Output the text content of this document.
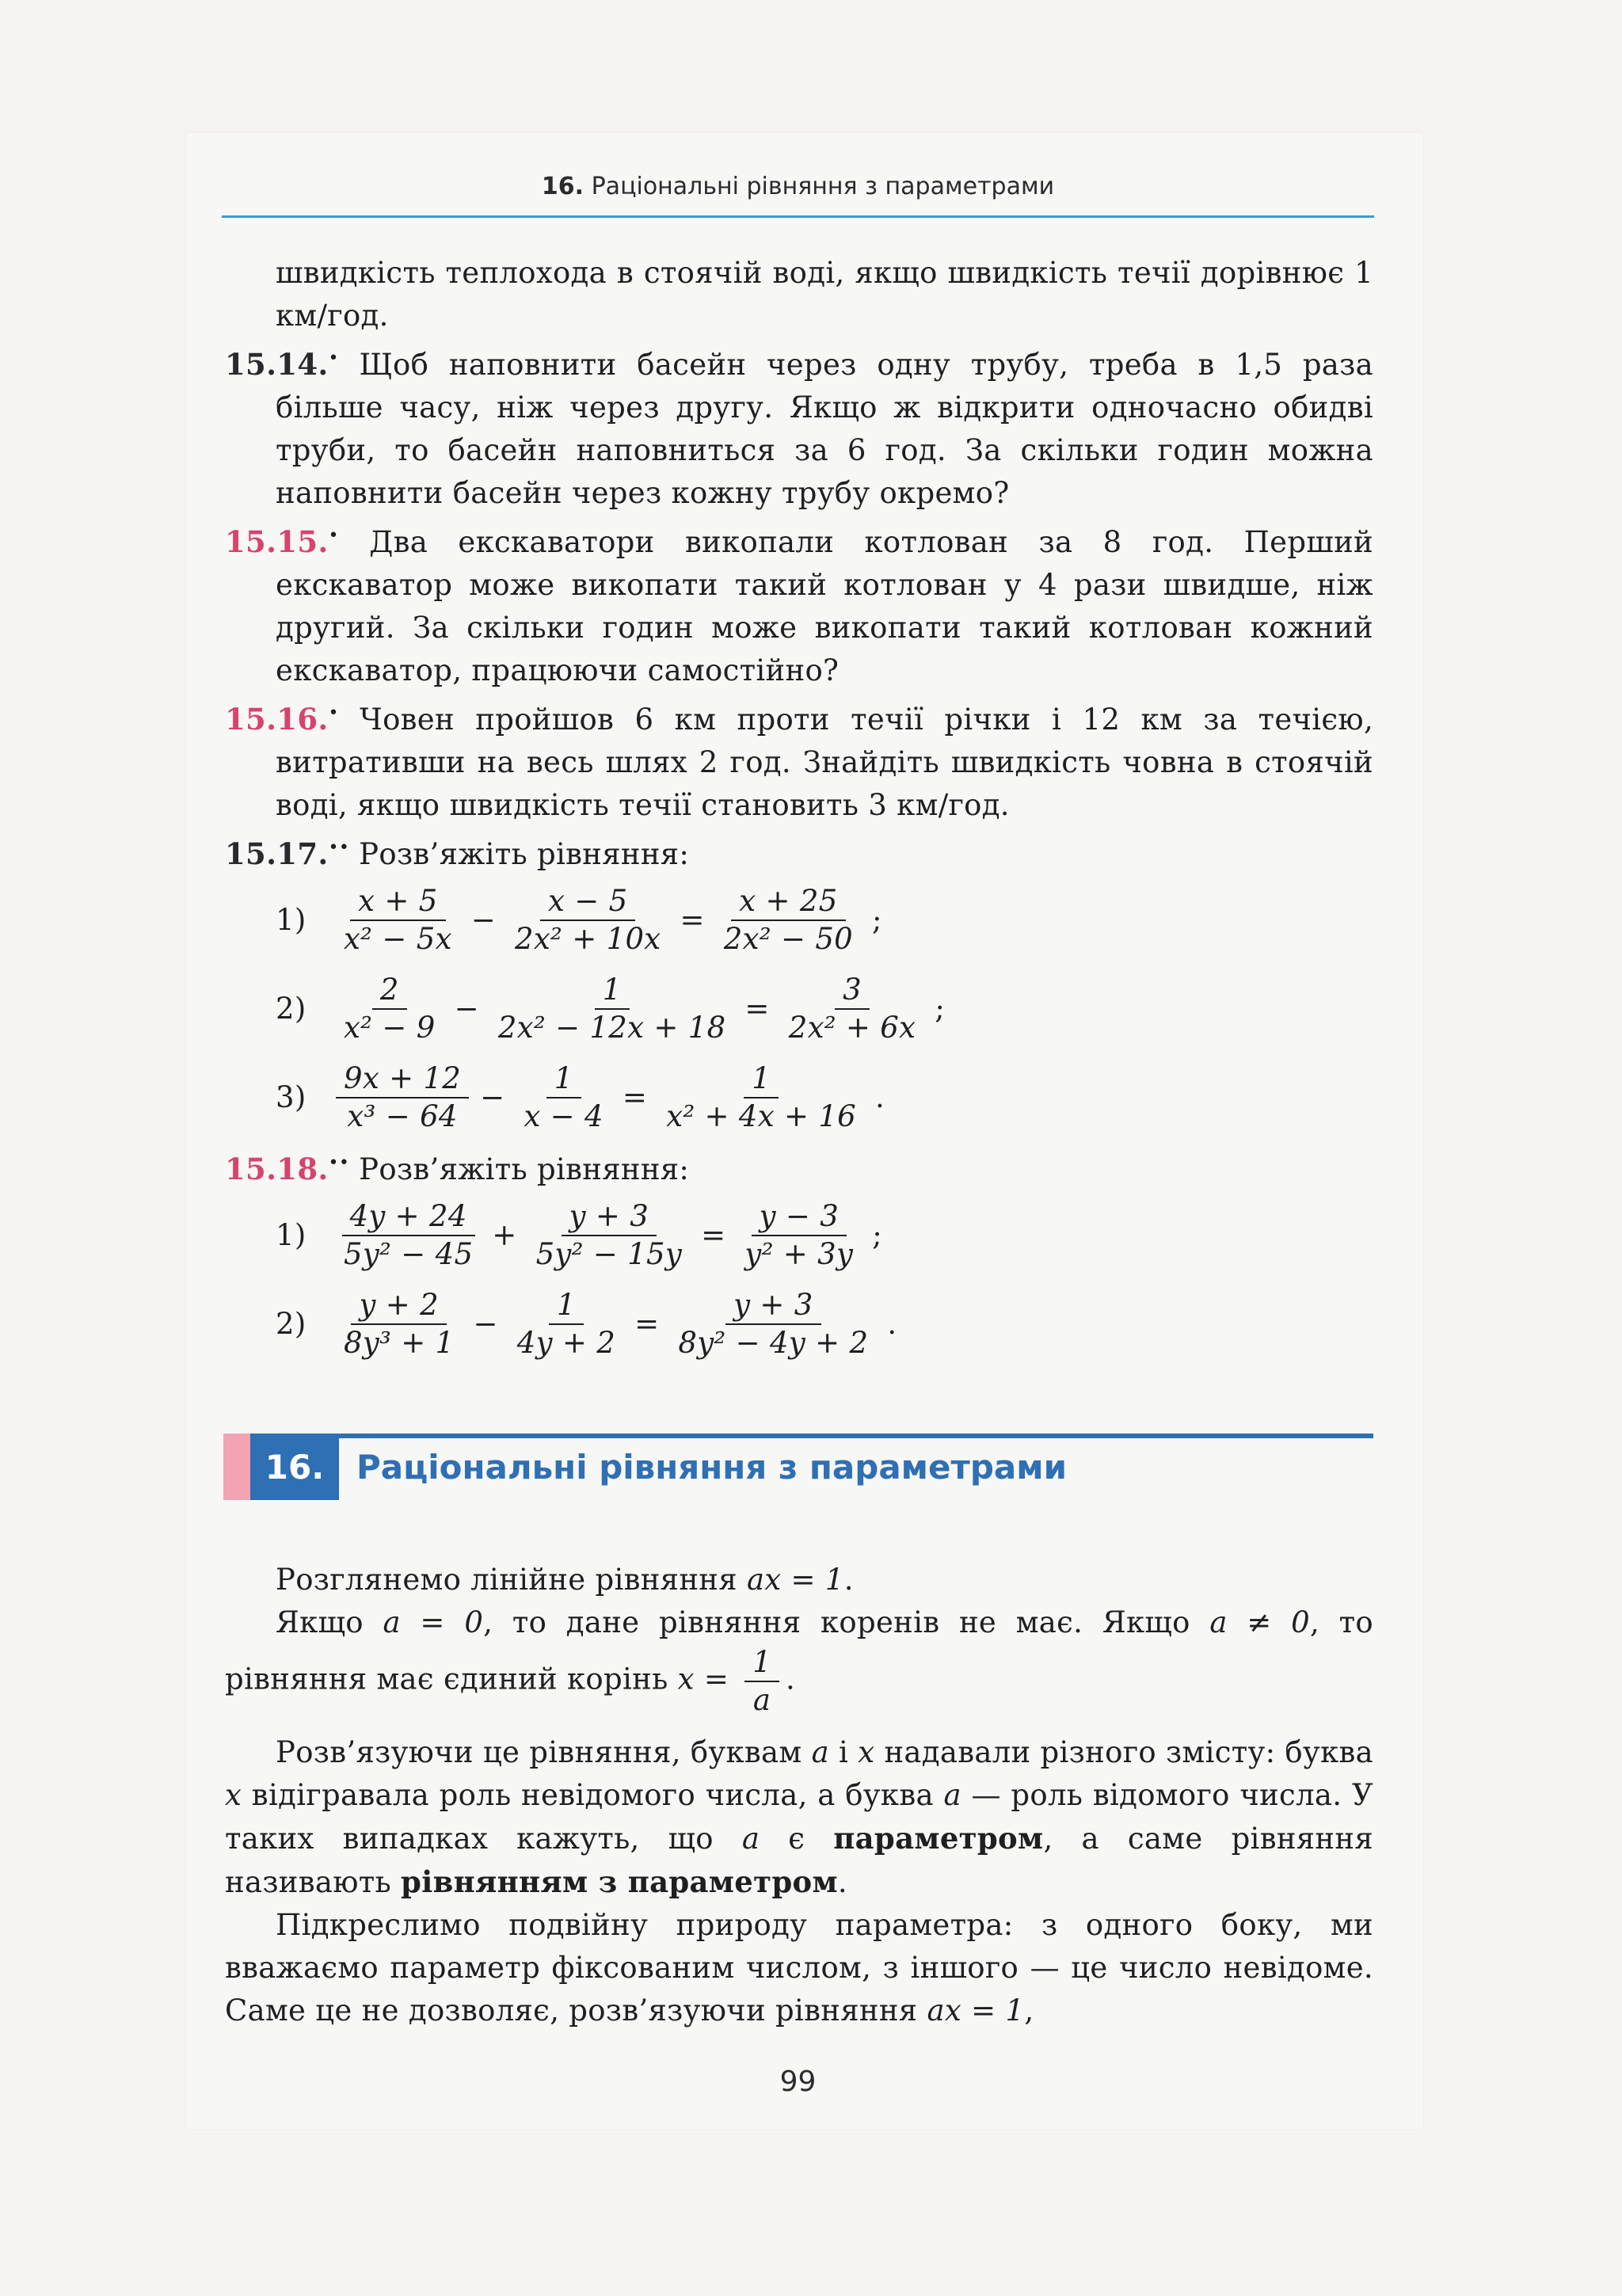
16. Раціональні рівняння з параметрами

швидкість теплохода в стоячій воді, якщо швидкість течії дорівнює 1 км/год.

15.14.• Щоб наповнити басейн через одну трубу, треба в 1,5 раза більше часу, ніж через другу. Якщо ж відкрити одночасно обидві труби, то басейн наповниться за 6 год. За скільки годин можна наповнити басейн через кожну трубу окремо?

15.15.• Два екскаватори викопали котлован за 8 год. Перший екскаватор може викопати такий котлован у 4 рази швидше, ніж другий. За скільки годин може викопати такий котлован кожний екскаватор, працюючи самостійно?

15.16.• Човен пройшов 6 км проти течії річки і 12 км за течією, витративши на весь шлях 2 год. Знайдіть швидкість човна в стоячій воді, якщо швидкість течії становить 3 км/год.

15.17.•• Розв’яжіть рівняння:

1)	$\frac{x + 5}{\text{x² − 5x}} - \frac{x - 5}{\text{2x² + 10x}} = \frac{x + 25}{\text{2x² − 50}}$ ;
2)	$\frac{2}{\text{x² − 9}} - \frac{1}{\text{2x² − 12x + 18}} = \frac{3}{\text{2x² + 6x}}$ ;
3)	$\frac{9x + 12}{\text{x³ − 64}} - \frac{1}{x - 4} = \frac{1}{\text{x² + 4x + 16}}$ .

15.18.•• Розв’яжіть рівняння:

1)	$\frac{4y + 24}{\text{5y² − 45}} + \frac{y + 3}{\text{5y² − 15y}} = \frac{y - 3}{\text{y² + 3y}}$ ;
2)	$\frac{y + 2}{\text{8y³ + 1}} - \frac{1}{4y + 2} = \frac{y + 3}{\text{8y² − 4y + 2}}$ .
16. Раціональні рівняння з параметрами

Розглянемо лінійне рівняння ax = 1.

Якщо a = 0, то дане рівняння коренів не має. Якщо a ≠ 0, то рівняння має єдиний корінь $x = \frac{1}{a}$ .

Розв’язуючи це рівняння, буквам a і x надавали різного змісту: буква x відігравала роль невідомого числа, а буква a — роль відомого числа. У таких випадках кажуть, що a є параметром, а саме рівняння називають рівнянням з параметром.

Підкреслимо подвійну природу параметра: з одного боку, ми вважаємо параметр фіксованим числом, з іншого — це число невідоме. Саме це не дозволяє, розв’язуючи рівняння ax = 1,

99
